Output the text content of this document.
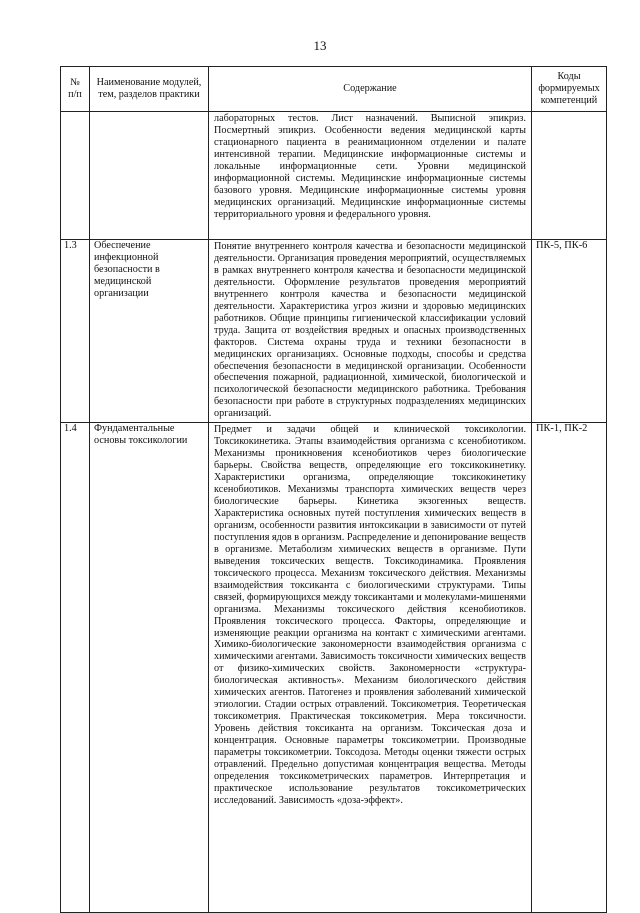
13
№ п/п	Наименование модулей, тем, разделов практики	Содержание	Коды формируемых компетенций

		лабораторных тестов. Лист назначений. Выписной эпикриз. Посмертный эпикриз. Особенности ведения медицинской карты стационарного пациента в реанимационном отделении и палате интенсивной терапии. Медицинские информационные системы и локальные информационные сети. Уровни медицинской информационной системы. Медицинские информационные системы базового уровня. Медицинские информационные системы уровня медицинских организаций. Медицинские информационные системы территориального уровня и федерального уровня.	

1.3	Обеспечение инфекционной безопасности в медицинской организации	Понятие внутреннего контроля качества и безопасности медицинской деятельности. Организация проведения мероприятий, осуществляемых в рамках внутреннего контроля качества и безопасности медицинской деятельности. Оформление результатов проведения мероприятий внутреннего контроля качества и безопасности медицинской деятельности. Характеристика угроз жизни и здоровью медицинских работников. Общие принципы гигиенической классификации условий труда. Защита от воздействия вредных и опасных производственных факторов. Система охраны труда и техники безопасности в медицинских организациях. Основные подходы, способы и средства обеспечения безопасности в медицинской организации. Особенности обеспечения пожарной, радиационной, химической, биологической и психологической безопасности медицинского работника. Требования безопасности при работе в структурных подразделениях медицинских организаций.	ПК-5, ПК-6
1.4	Фундаментальные основы токсикологии	Предмет и задачи общей и клинической токсикологии. Токсикокинетика. Этапы взаимодействия организма с ксенобиотиком. Механизмы проникновения ксенобиотиков через биологические барьеры. Свойства веществ, определяющие его токсикокинетику. Характеристики организма, определяющие токсикокинетику ксенобиотиков. Механизмы транспорта химических веществ через биологические барьеры. Кинетика экзогенных веществ. Характеристика основных путей поступления химических веществ в организм, особенности развития интоксикации в зависимости от путей поступления ядов в организм. Распределение и депонирование веществ в организме. Метаболизм химических веществ в организме. Пути выведения токсических веществ. Токсикодинамика. Проявления токсического процесса. Механизм токсического действия. Механизмы взаимодействия токсиканта с биологическими структурами. Типы связей, формирующихся между токсикантами и молекулами-мишенями организма. Механизмы токсического действия ксенобиотиков. Проявления токсического процесса. Факторы, определяющие и изменяющие реакции организма на контакт с химическими агентами. Химико-биологические закономерности взаимодействия организма с химическими агентами. Зависимость токсичности химических веществ от физико-химических свойств. Закономерности «структура-биологическая активность». Механизм биологического действия химических агентов. Патогенез и проявления заболеваний химической этиологии. Стадии острых отравлений. Токсикометрия. Теоретическая токсикометрия. Практическая токсикометрия. Мера токсичности. Уровень действия токсиканта на организм. Токсическая доза и концентрация. Основные параметры токсикометрии. Производные параметры токсикометрии. Токсодоза. Методы оценки тяжести острых отравлений. Предельно допустимая концентрация вещества. Методы определения токсикометрических параметров. Интерпретация и практическое использование результатов токсикометрических исследований. Зависимость «доза-эффект».	ПК-1, ПК-2
